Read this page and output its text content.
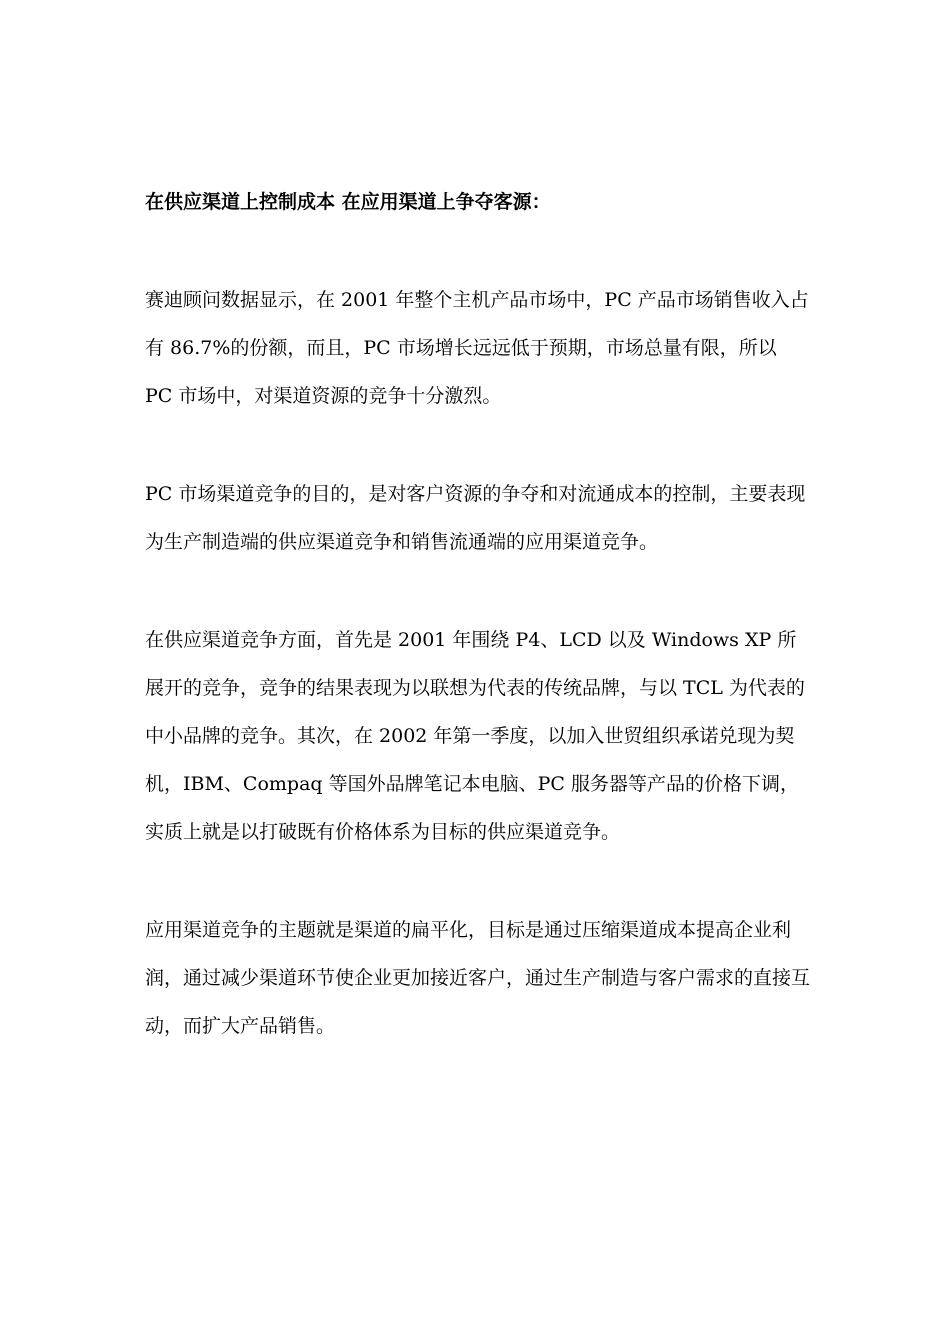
在供应渠道上控制成本 在应用渠道上争夺客源：

赛迪顾问数据显示，在 2001 年整个主机产品市场中，PC 产品市场销售收入占有 86.7%的份额，而且，PC 市场增长远远低于预期，市场总量有限，所以 PC 市场中，对渠道资源的竞争十分激烈。

PC 市场渠道竞争的目的，是对客户资源的争夺和对流通成本的控制，主要表现为生产制造端的供应渠道竞争和销售流通端的应用渠道竞争。

在供应渠道竞争方面，首先是 2001 年围绕 P4、LCD 以及 Windows XP 所展开的竞争，竞争的结果表现为以联想为代表的传统品牌，与以 TCL 为代表的中小品牌的竞争。其次，在 2002 年第一季度，以加入世贸组织承诺兑现为契机，IBM、Compaq 等国外品牌笔记本电脑、PC 服务器等产品的价格下调，实质上就是以打破既有价格体系为目标的供应渠道竞争。

应用渠道竞争的主题就是渠道的扁平化，目标是通过压缩渠道成本提高企业利润，通过减少渠道环节使企业更加接近客户，通过生产制造与客户需求的直接互动，而扩大产品销售。
